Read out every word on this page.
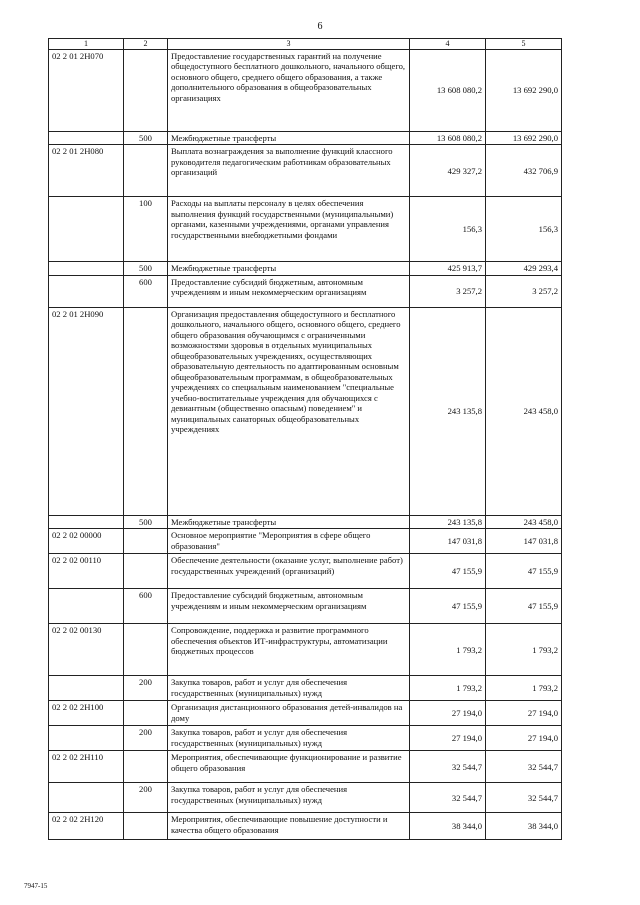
6
1	2	3	4	5
02 2 01 2Н070		Предоставление государственных гарантий на получение общедоступного бесплатного дошкольного, начального общего, основного общего, среднего общего образования, а также дополнительного образования в общеобразовательных организациях	13 608 080,2	13 692 290,0
	500	Межбюджетные трансферты	13 608 080,2	13 692 290,0
02 2 01 2Н080		Выплата вознаграждения за выполнение функций классного руководителя педагогическим работникам образовательных организаций	429 327,2	432 706,9
	100	Расходы на выплаты персоналу в целях обеспечения выполнения функций государственными (муниципальными) органами, казенными учреждениями, органами управления государственными внебюджетными фондами	156,3	156,3
	500	Межбюджетные трансферты	425 913,7	429 293,4
	600	Предоставление субсидий бюджетным, автономным учреждениям и иным некоммерческим организациям	3 257,2	3 257,2
02 2 01 2Н090		Организация предоставления общедоступного и бесплатного дошкольного, начального общего, основного общего, среднего общего образования обучающимся с ограниченными возможностями здоровья в отдельных муниципальных общеобразовательных учреждениях, осуществляющих образовательную деятельность по адаптированным основным общеобразовательным программам, в общеобразовательных учреждениях со специальным наименованием "специальные учебно-воспитательные учреждения для обучающихся с девиантным (общественно опасным) поведением" и муниципальных санаторных общеобразовательных учреждениях	243 135,8	243 458,0
	500	Межбюджетные трансферты	243 135,8	243 458,0
02 2 02 00000		Основное мероприятие "Мероприятия в сфере общего образования"	147 031,8	147 031,8
02 2 02 00110		Обеспечение деятельности (оказание услуг, выполнение работ) государственных учреждений (организаций)	47 155,9	47 155,9
	600	Предоставление субсидий бюджетным, автономным учреждениям и иным некоммерческим организациям	47 155,9	47 155,9
02 2 02 00130		Сопровождение, поддержка и развитие программного обеспечения объектов ИТ-инфраструктуры, автоматизации бюджетных процессов	1 793,2	1 793,2
	200	Закупка товаров, работ и услуг для обеспечения государственных (муниципальных) нужд	1 793,2	1 793,2
02 2 02 2Н100		Организация дистанционного образования детей-инвалидов на дому	27 194,0	27 194,0
	200	Закупка товаров, работ и услуг для обеспечения государственных (муниципальных) нужд	27 194,0	27 194,0
02 2 02 2Н110		Мероприятия, обеспечивающие функционирование и развитие общего образования	32 544,7	32 544,7
	200	Закупка товаров, работ и услуг для обеспечения государственных (муниципальных) нужд	32 544,7	32 544,7
02 2 02 2Н120		Мероприятия, обеспечивающие повышение доступности и качества общего образования	38 344,0	38 344,0
7947-15
